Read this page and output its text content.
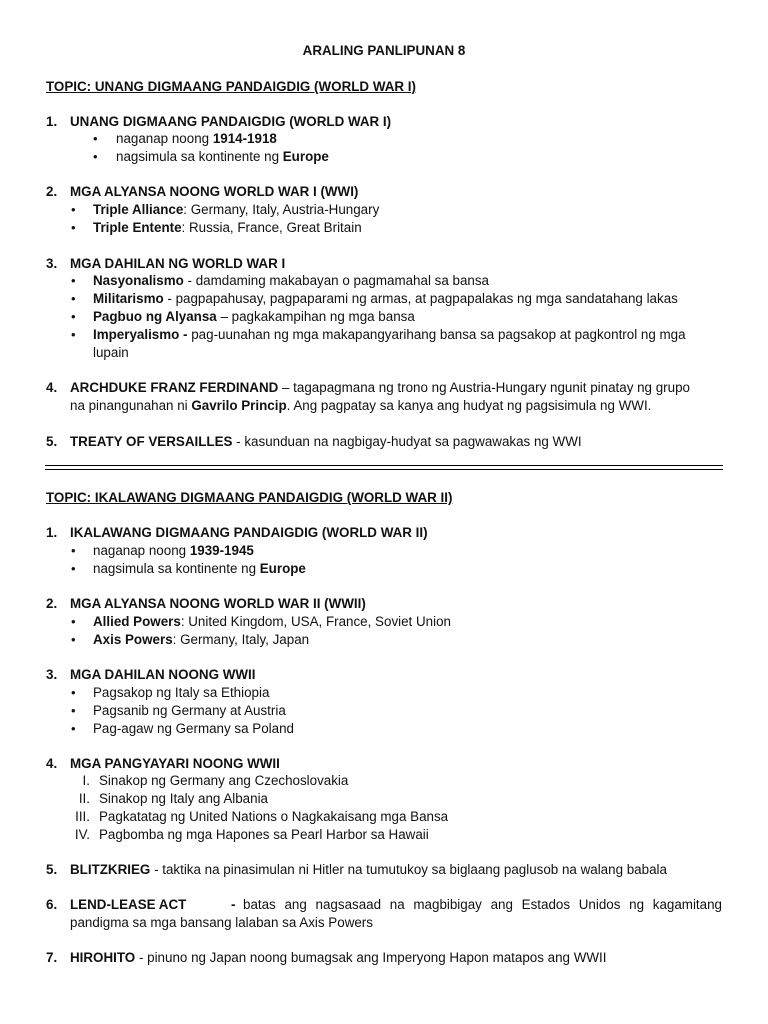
ARALING PANLIPUNAN 8
TOPIC: UNANG DIGMAANG PANDAIGDIG (WORLD WAR I)
1. UNANG DIGMAANG PANDAIGDIG (WORLD WAR I)
•	naganap noong 1914-1918
•	nagsimula sa kontinente ng Europe
2. MGA ALYANSA NOONG WORLD WAR I (WWI)
•	Triple Alliance: Germany, Italy, Austria-Hungary
•	Triple Entente: Russia, France, Great Britain
3. MGA DAHILAN NG WORLD WAR I
•	Nasyonalismo - damdaming makabayan o pagmamahal sa bansa
•	Militarismo - pagpapahusay, pagpaparami ng armas, at pagpapalakas ng mga sandatahang lakas
•	Pagbuo ng Alyansa – pagkakampihan ng mga bansa
•	Imperyalismo - pag-uunahan ng mga makapangyarihang bansa sa pagsakop at pagkontrol ng mga
lupain
4. ARCHDUKE FRANZ FERDINAND – tagapagmana ng trono ng Austria-Hungary ngunit pinatay ng grupo
na pinangunahan ni Gavrilo Princip. Ang pagpatay sa kanya ang hudyat ng pagsisimula ng WWI.
5. TREATY OF VERSAILLES - kasunduan na nagbigay-hudyat sa pagwawakas ng WWI
TOPIC: IKALAWANG DIGMAANG PANDAIGDIG (WORLD WAR II)
1. IKALAWANG DIGMAANG PANDAIGDIG (WORLD WAR II)
•	naganap noong 1939-1945
•	nagsimula sa kontinente ng Europe
2. MGA ALYANSA NOONG WORLD WAR II (WWII)
•	Allied Powers: United Kingdom, USA, France, Soviet Union
•	Axis Powers: Germany, Italy, Japan
3. MGA DAHILAN NOONG WWII
•	Pagsakop ng Italy sa Ethiopia
•	Pagsanib ng Germany at Austria
•	Pag-agaw ng Germany sa Poland
4. MGA PANGYAYARI NOONG WWII
I. Sinakop ng Germany ang Czechoslovakia
II. Sinakop ng Italy ang Albania
III. Pagkatatag ng United Nations o Nagkakaisang mga Bansa
IV. Pagbomba ng mga Hapones sa Pearl Harbor sa Hawaii
5. BLITZKRIEG - taktika na pinasimulan ni Hitler na tumutukoy sa biglaang paglusob na walang babala
6. LEND-LEASE ACT	- batas ang nagsasaad na magbibigay ang Estados Unidos ng kagamitang
pandigma sa mga bansang lalaban sa Axis Powers
7. HIROHITO - pinuno ng Japan noong bumagsak ang Imperyong Hapon matapos ang WWII
